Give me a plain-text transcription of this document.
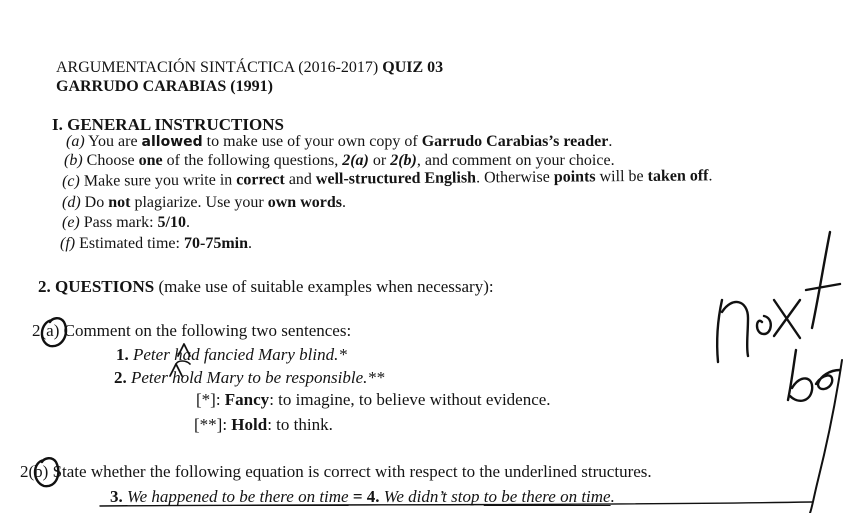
ARGUMENTACIÓN SINTÁCTICA (2016-2017) QUIZ 03
GARRUDO CARABIAS (1991)
I. GENERAL INSTRUCTIONS
(a) You are allowed to make use of your own copy of Garrudo Carabias’s reader.
(b) Choose one of the following questions, 2(a) or 2(b), and comment on your choice.
(c) Make sure you write in correct and well-structured English. Otherwise points will be taken off.
(d) Do not plagiarize. Use your own words.
(e) Pass mark: 5/10.
(f) Estimated time: 70-75min.
2. QUESTIONS (make use of suitable examples when necessary):
2(a) Comment on the following two sentences:
1. Peter had fancied Mary blind.*
2. Peter hold Mary to be responsible.**
[*]: Fancy: to imagine, to believe without evidence.
[**]: Hold: to think.
2(b) State whether the following equation is correct with respect to the underlined structures.
3. We happened to be there on time = 4. We didn’t stop to be there on time.
